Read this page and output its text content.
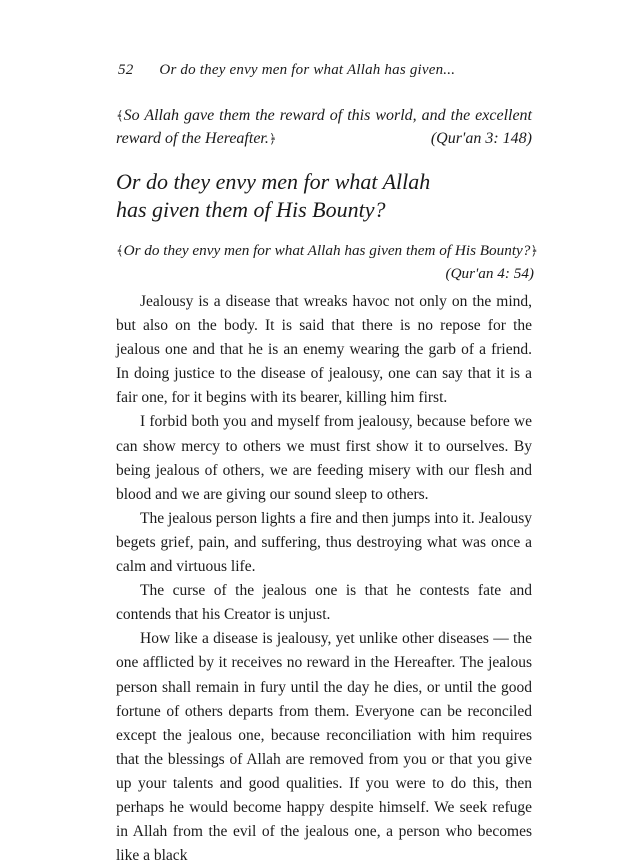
52 Or do they envy men for what Allah has given...
﴾So Allah gave them the reward of this world, and the excellent
reward of the Hereafter.﴿	(Qur'an 3: 148)
Or do they envy men for what Allah
has given them of His Bounty?
﴾Or do they envy men for what Allah has given them of His Bounty?﴿
(Qur'an 4: 54)

Jealousy is a disease that wreaks havoc not only on the mind, but also on the body. It is said that there is no repose for the jealous one and that he is an enemy wearing the garb of a friend. In doing justice to the disease of jealousy, one can say that it is a fair one, for it begins with its bearer, killing him first.

I forbid both you and myself from jealousy, because before we can show mercy to others we must first show it to ourselves. By being jealous of others, we are feeding misery with our flesh and blood and we are giving our sound sleep to others.

The jealous person lights a fire and then jumps into it. Jealousy begets grief, pain, and suffering, thus destroying what was once a calm and virtuous life.

The curse of the jealous one is that he contests fate and contends that his Creator is unjust.

How like a disease is jealousy, yet unlike other diseases — the one afflicted by it receives no reward in the Hereafter. The jealous person shall remain in fury until the day he dies, or until the good fortune of others departs from them. Everyone can be reconciled except the jealous one, because reconciliation with him requires that the blessings of Allah are removed from you or that you give up your talents and good qualities. If you were to do this, then perhaps he would become happy despite himself. We seek refuge in Allah from the evil of the jealous one, a person who becomes like a black
